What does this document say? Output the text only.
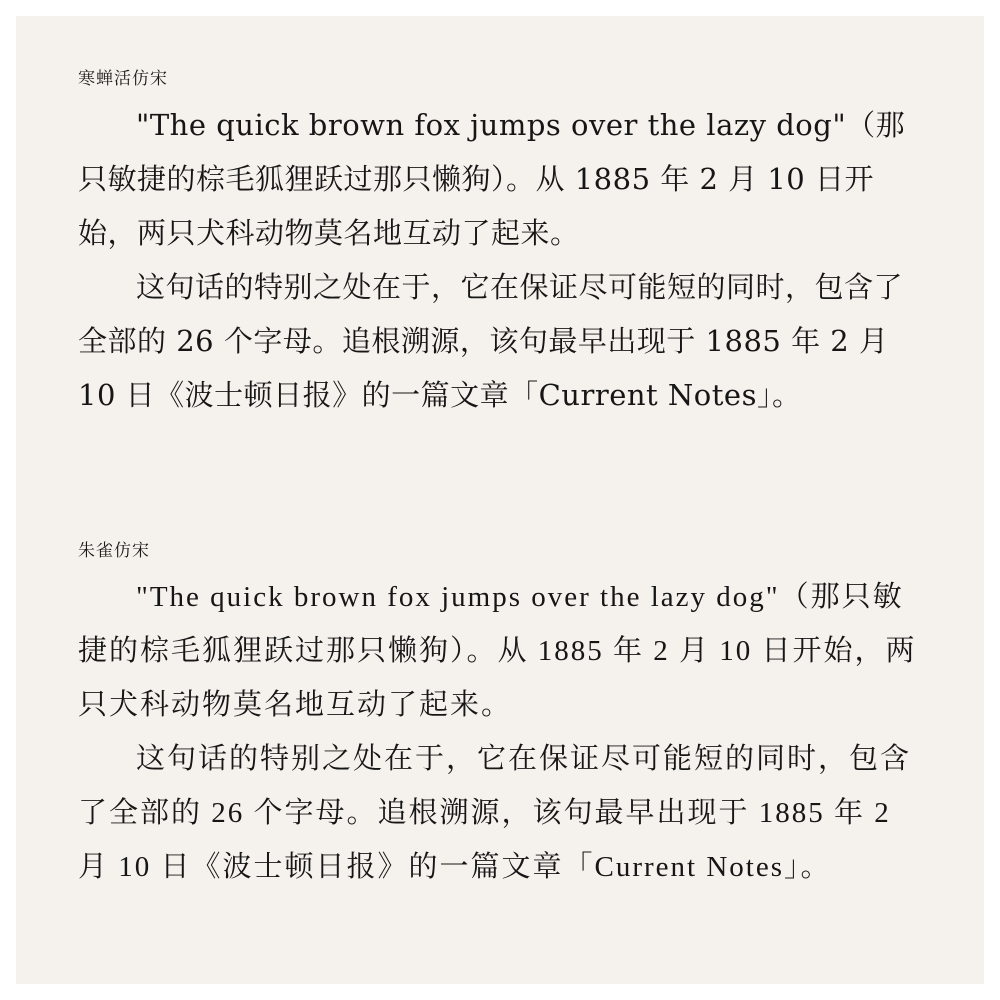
寒蝉活仿宋

"The quick brown fox jumps over the lazy dog"（那只敏捷的棕毛狐狸跃过那只懒狗）。从 1885 年 2 月 10 日开始，两只犬科动物莫名地互动了起来。

这句话的特别之处在于，它在保证尽可能短的同时，包含了全部的 26 个字母。追根溯源，该句最早出现于 1885 年 2 月 10 日《波士顿日报》的一篇文章「Current Notes」。

朱雀仿宋

"The quick brown fox jumps over the lazy dog"（那只敏捷的棕毛狐狸跃过那只懒狗）。从 1885 年 2 月 10 日开始，两只犬科动物莫名地互动了起来。

这句话的特别之处在于，它在保证尽可能短的同时，包含了全部的 26 个字母。追根溯源，该句最早出现于 1885 年 2 月 10 日《波士顿日报》的一篇文章「Current Notes」。
